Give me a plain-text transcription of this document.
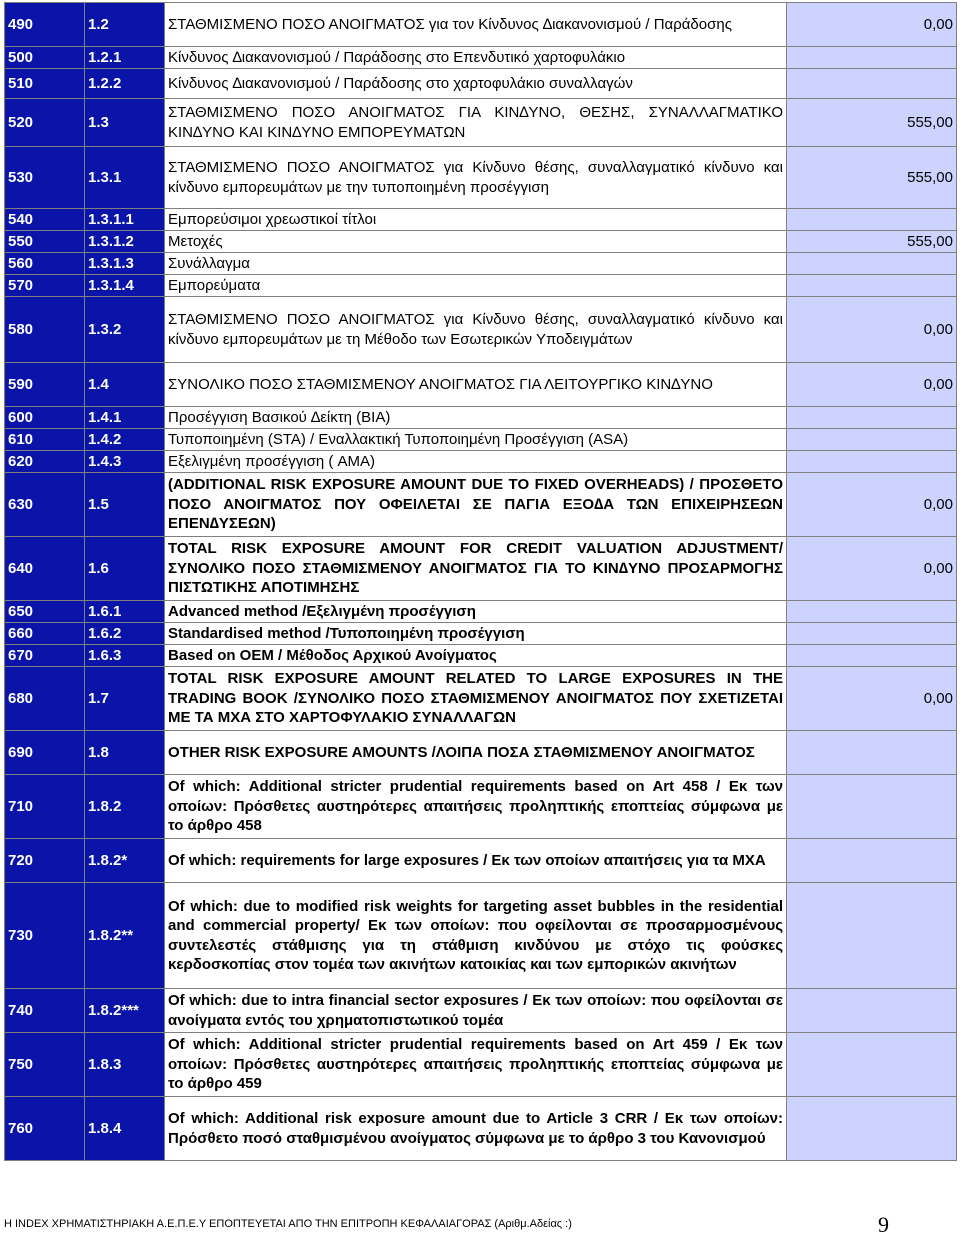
490	1.2	ΣΤΑΘΜΙΣΜΕΝΟ ΠΟΣΟ ΑΝΟΙΓΜΑΤΟΣ για τον Κίνδυνος ∆ιακανονισμού / Παράδοσης	0,00
500	1.2.1	Κίνδυνος ∆ιακανονισμού / Παράδοσης στο Επενδυτικό χαρτοφυλάκιο	
510	1.2.2	Κίνδυνος ∆ιακανονισμού / Παράδοσης στο χαρτοφυλάκιο συναλλαγών	
520	1.3	ΣΤΑΘΜΙΣΜΕΝΟ ΠΟΣΟ ΑΝΟΙΓΜΑΤΟΣ ΓΙΑ ΚΙΝ∆ΥΝΟ, ΘΕΣΗΣ, ΣΥΝΑΛΛΑΓΜΑΤΙΚΟ ΚΙΝ∆ΥΝΟ ΚΑΙ ΚΙΝ∆ΥΝΟ ΕΜΠΟΡΕΥΜΑΤΩΝ	555,00
530	1.3.1	ΣΤΑΘΜΙΣΜΕΝΟ ΠΟΣΟ ΑΝΟΙΓΜΑΤΟΣ για Κίνδυνο θέσης, συναλλαγματικό κίνδυνο και κίνδυνο εμπορευμάτων με την τυποποιημένη προσέγγιση	555,00
540	1.3.1.1	Εμπορεύσιμοι χρεωστικοί τίτλοι	
550	1.3.1.2	Μετοχές	555,00
560	1.3.1.3	Συνάλλαγμα	
570	1.3.1.4	Εμπορεύματα	
580	1.3.2	ΣΤΑΘΜΙΣΜΕΝΟ ΠΟΣΟ ΑΝΟΙΓΜΑΤΟΣ για Κίνδυνο θέσης, συναλλαγματικό κίνδυνο και κίνδυνο εμπορευμάτων με τη Μέθοδο των Εσωτερικών Υποδειγμάτων	0,00
590	1.4	ΣΥΝΟΛΙΚΟ ΠΟΣΟ ΣΤΑΘΜΙΣΜΕΝΟΥ ΑΝΟΙΓΜΑΤΟΣ ΓΙΑ ΛΕΙΤΟΥΡΓΙΚΟ ΚΙΝ∆ΥΝΟ	0,00
600	1.4.1	Προσέγγιση Βασικού ∆είκτη (BIA)	
610	1.4.2	Τυποποιημένη (STA) / Εναλλακτική Τυποποιημένη Προσέγγιση (ASA)	
620	1.4.3	Εξελιγμένη προσέγγιση ( AMA)	
630	1.5	(ADDITIONAL RISK EXPOSURE AMOUNT DUE TO FIXED OVERHEADS) / ΠΡΟΣΘΕΤΟ ΠΟΣΟ ΑΝΟΙΓΜΑΤΟΣ ΠΟΥ ΟΦΕΙΛΕΤΑΙ ΣΕ ΠΑΓΙΑ ΕΞΟ∆Α ΤΩΝ ΕΠΙΧΕΙΡΗΣΕΩΝ ΕΠΕΝ∆ΥΣΕΩΝ)	0,00
640	1.6	TOTAL RISK EXPOSURE AMOUNT FOR CREDIT VALUATION ADJUSTMENT/ΣΥΝΟΛΙΚΟ ΠΟΣΟ ΣΤΑΘΜΙΣΜΕΝΟΥ ΑΝΟΙΓΜΑΤΟΣ ΓΙΑ ΤΟ ΚΙΝ∆ΥΝΟ ΠΡΟΣΑΡΜΟΓΗΣ ΠΙΣΤΩΤΙΚΗΣ ΑΠΟΤΙΜΗΣΗΣ	0,00
650	1.6.1	Advanced method /Εξελιγμένη προσέγγιση	
660	1.6.2	Standardised method /Τυποποιημένη προσέγγιση	
670	1.6.3	Based on OEM / Μέθοδος Αρχικού Ανοίγματος	
680	1.7	TOTAL RISK EXPOSURE AMOUNT RELATED TO LARGE EXPOSURES IN THE TRADING BOOK /ΣΥΝΟΛΙΚΟ ΠΟΣΟ ΣΤΑΘΜΙΣΜΕΝΟΥ ΑΝΟΙΓΜΑΤΟΣ ΠΟΥ ΣΧΕΤΙΖΕΤΑΙ ΜΕ ΤΑ ΜΧΑ ΣΤΟ ΧΑΡΤΟΦΥΛΑΚΙΟ ΣΥΝΑΛΛΑΓΩΝ	0,00
690	1.8	OTHER RISK EXPOSURE AMOUNTS /ΛΟΙΠΑ ΠΟΣΑ ΣΤΑΘΜΙΣΜΕΝΟΥ ΑΝΟΙΓΜΑΤΟΣ	
710	1.8.2	Of which: Additional stricter prudential requirements based on Art 458 / Εκ των οποίων: Πρόσθετες αυστηρότερες απαιτήσεις προληπτικής εποπτείας σύμφωνα με το άρθρο 458	
720	1.8.2*	Of which: requirements for large exposures / Εκ των οποίων απαιτήσεις για τα ΜΧΑ	
730	1.8.2**	Of which: due to modified risk weights for targeting asset bubbles in the residential and commercial property/ Εκ των οποίων: που οφείλονται σε προσαρμοσμένους συντελεστές στάθμισης για τη στάθμιση κινδύνου με στόχο τις φούσκες κερδοσκοπίας στον τομέα των ακινήτων κατοικίας και των εμπορικών ακινήτων	
740	1.8.2***	Of which: due to intra financial sector exposures / Εκ των οποίων: που οφείλονται σε ανοίγματα εντός του χρηματοπιστωτικού τομέα	
750	1.8.3	Of which: Additional stricter prudential requirements based on Art 459 / Εκ των οποίων: Πρόσθετες αυστηρότερες απαιτήσεις προληπτικής εποπτείας σύμφωνα με το άρθρο 459	
760	1.8.4	Of which: Additional risk exposure amount due to Article 3 CRR / Εκ των οποίων: Πρόσθετο ποσό σταθμισμένου ανοίγματος σύμφωνα με το άρθρο 3 του Κανονισμού	
Η INDEX ΧΡΗΜΑΤΙΣΤΗΡΙΑΚΗ Α.Ε.Π.Ε.Υ ΕΠΟΠΤΕΥΕΤΑΙ ΑΠΟ ΤΗΝ ΕΠΙΤΡΟΠΗ ΚΕΦΑΛΑΙΑΓΟΡΑΣ (Αριθμ.Αδείας :)	9
